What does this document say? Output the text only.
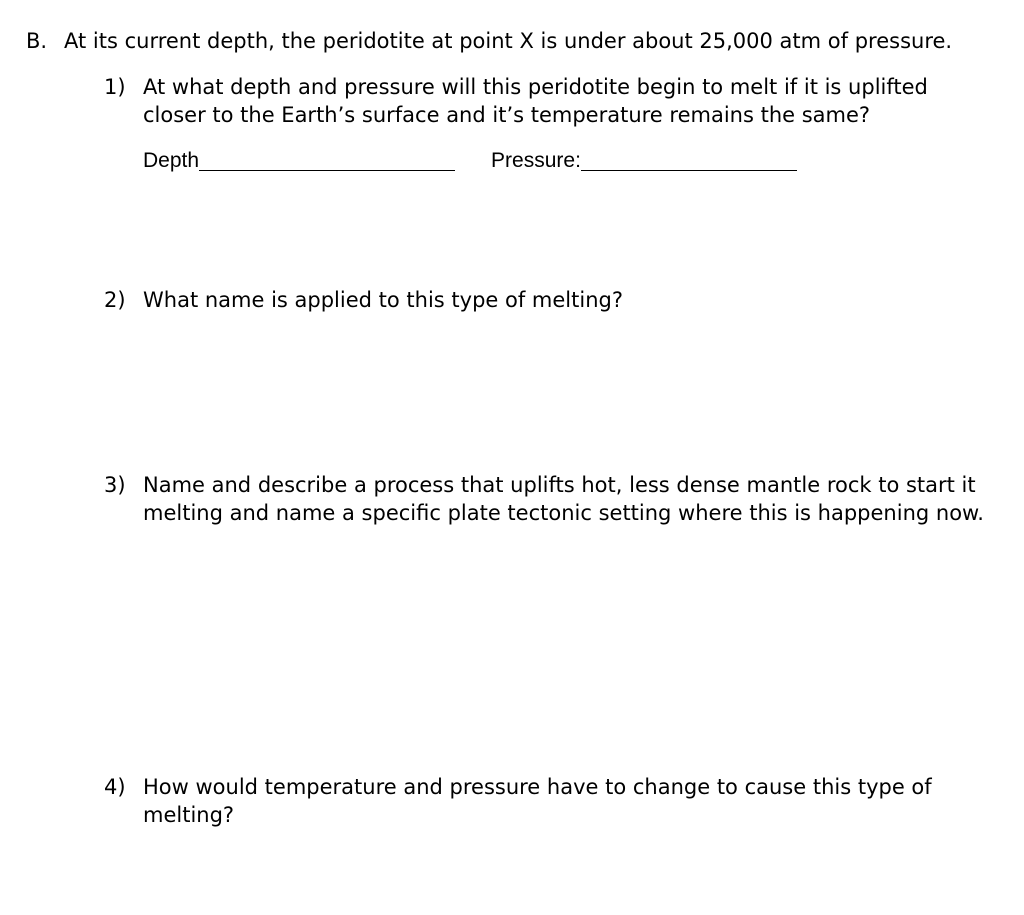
B. At its current depth, the peridotite at point X is under about 25,000 atm of pressure.
1) At what depth and pressure will this peridotite begin to melt if it is uplifted
closer to the Earth’s surface and it’s temperature remains the same?
Depth	Pressure:
2) What name is applied to this type of melting?
3) Name and describe a process that uplifts hot, less dense mantle rock to start it
melting and name a specific plate tectonic setting where this is happening now.
4) How would temperature and pressure have to change to cause this type of
melting?
